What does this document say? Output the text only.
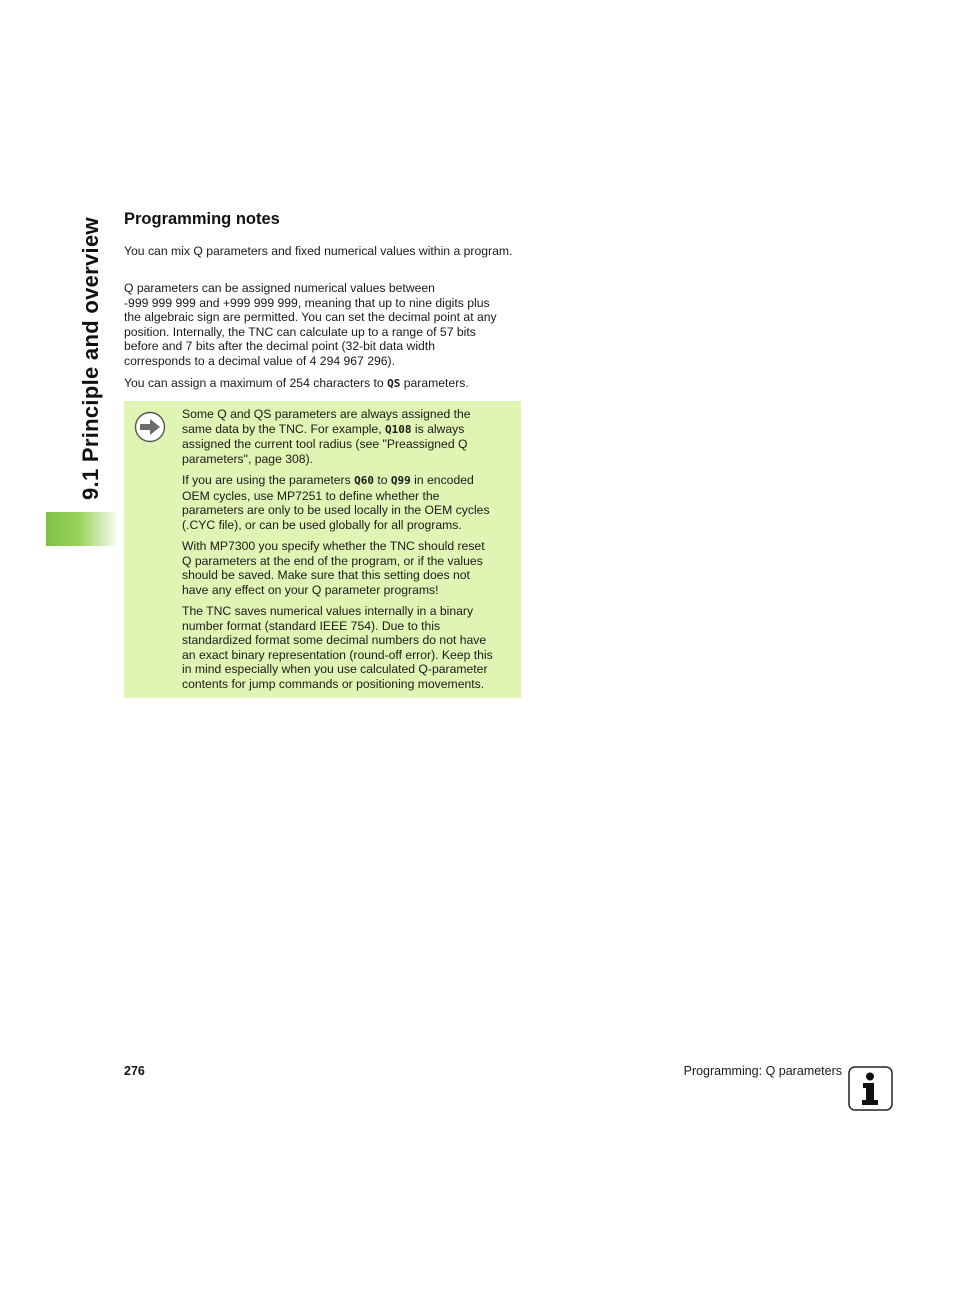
9.1 Principle and overview Programming notes

You can mix Q parameters and fixed numerical values within a program.

Q parameters can be assigned numerical values between
-999 999 999 and +999 999 999, meaning that up to nine digits plus
the algebraic sign are permitted. You can set the decimal point at any
position. Internally, the TNC can calculate up to a range of 57 bits
before and 7 bits after the decimal point (32-bit data width
corresponds to a decimal value of 4 294 967 296).

You can assign a maximum of 254 characters to QS parameters.

Some Q and QS parameters are always assigned the
same data by the TNC. For example, Q108 is always
assigned the current tool radius (see "Preassigned Q
parameters", page 308).

If you are using the parameters Q60 to Q99 in encoded
OEM cycles, use MP7251 to define whether the
parameters are only to be used locally in the OEM cycles
(.CYC file), or can be used globally for all programs.

With MP7300 you specify whether the TNC should reset
Q parameters at the end of the program, or if the values
should be saved. Make sure that this setting does not
have any effect on your Q parameter programs!

The TNC saves numerical values internally in a binary
number format (standard IEEE 754). Due to this
standardized format some decimal numbers do not have
an exact binary representation (round-off error). Keep this
in mind especially when you use calculated Q-parameter
contents for jump commands or positioning movements.

276	Programming: Q parameters
